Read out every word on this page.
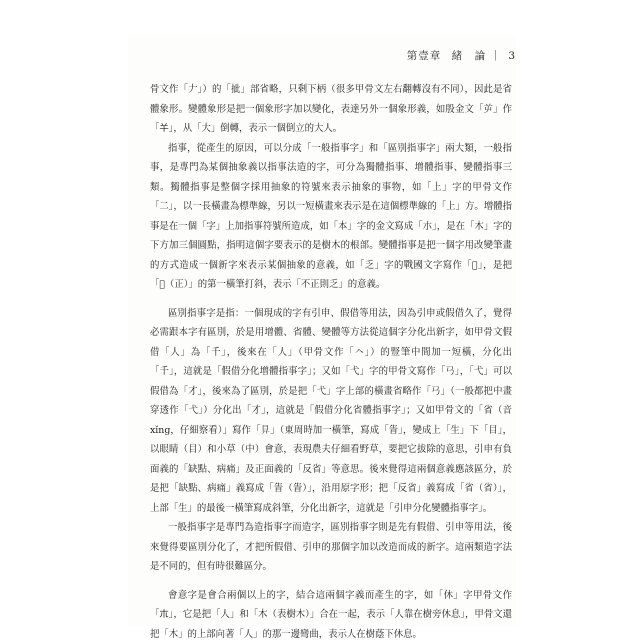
第壹章 緒　論 ｜ 3

骨文作「𠂇」）的「㧗」部省略，只剩下柄（很多甲骨文左右翻轉沒有不同），因此是省體象形。變體象形是把一個象形字加以變化，表達另外一個象形義，如殷金文「屰」作「𢆉」，从「大」倒轉，表示一個倒立的大人。

指事，從產生的原因，可以分成「一般指事字」和「區別指事字」兩大類，一般指事，是專門為某個抽象義以指事法造的字，可分為獨體指事、增體指事、變體指事三類。獨體指事是整個字採用抽象的符號來表示抽象的事物，如「上」字的甲骨文作「二」，以一長橫畫為標準線，另以一短橫畫來表示是在這個標準線的「上」方。增體指事是在一個「字」上加指事符號所造成，如「本」字的金文寫成「朩」，是在「木」字的下方加三個圓點，指明這個字要表示的是樹木的根部。變體指事是把一個字用改變筆畫的方式造成一個新字來表示某個抽象的意義，如「乏」字的戰國文字寫作「𠄧」，是把「𠄧（正）」的第一橫筆打斜，表示「不正則乏」的意義。

區別指事字是指：一個現成的字有引申、假借等用法，因為引申或假借久了，覺得必需跟本字有區別，於是用增體、省體、變體等方法從這個字分化出新字，如甲骨文假借「人」為「千」，後來在「人」（甲骨文作「𠆢」）的豎筆中間加一短橫，分化出「千」，這就是「假借分化增體指事字」；又如「弋」字的甲骨文寫作「𢎘」，「弋」可以假借為「才」，後來為了區別，於是把「弋」字上部的橫畫省略作「𢎘」（一般都把中畫穿透作「弋」）分化出「才」，這就是「假借分化省體指事字」；又如甲骨文的「省（音 xǐng，仔細察看）」寫作「𥃲」（東周時加一橫筆，寫成「眚」，變成上「生」下「目」，以眼睛（目）和小草（中）會意，表現農夫仔細看野草，要把它拔除的意思，引申有負面義的「缺點、病痛」及正面義的「反省」等意思。後來覺得這兩個意義應該區分，於是把「缺點、病痛」義寫成「眚（眚）」，沿用原字形；把「反省」義寫成「省（省）」，上部「生」的最後一橫筆寫成斜筆，分化出新字，這就是「引申分化變體指事字」。

一般指事字是專門為造指事字而造字，區別指事字則是先有假借、引申等用法，後來覺得要區別分化了，才把所假借、引申的那個字加以改造而成的新字。這兩類造字法是不同的，但有時很難區分。

會意字是會合兩個以上的字，結合這兩個字義而產生的字，如「休」字甲骨文作「𣎳」，它是把「人」和「木（表樹木）」合在一起，表示「人靠在樹旁休息」，甲骨文還把「木」的上部向著「人」的那一邊彎曲，表示人在樹蔭下休息。
